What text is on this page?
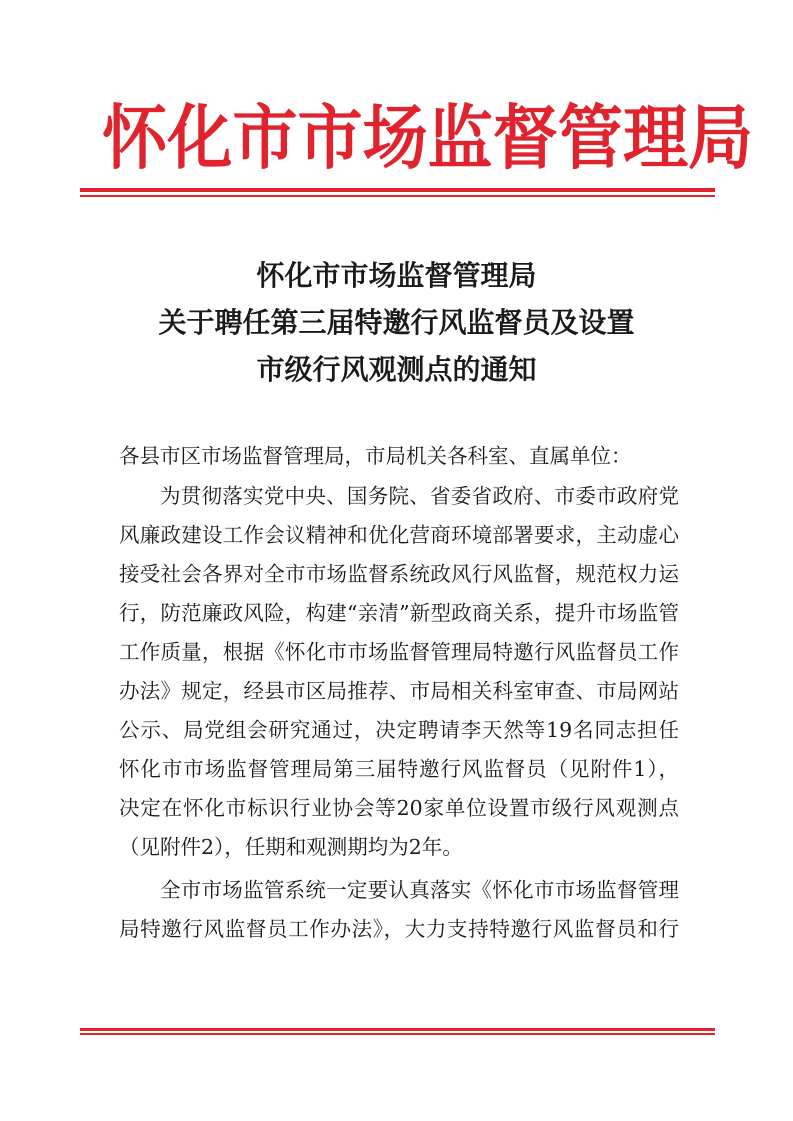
怀化市市场监督管理局
怀化市市场监督管理局
关于聘任第三届特邀行风监督员及设置
市级行风观测点的通知
各县市区市场监督管理局，市局机关各科室、直属单位：
为贯彻落实党中央、国务院、省委省政府、市委市政府党
风廉政建设工作会议精神和优化营商环境部署要求，主动虚心
接受社会各界对全市市场监督系统政风行风监督，规范权力运
行，防范廉政风险，构建“亲清”新型政商关系，提升市场监管
工作质量，根据《怀化市市场监督管理局特邀行风监督员工作
办法》规定，经县市区局推荐、市局相关科室审查、市局网站
公示、局党组会研究通过，决定聘请李天然等19名同志担任
怀化市市场监督管理局第三届特邀行风监督员（见附件1），
决定在怀化市标识行业协会等20家单位设置市级行风观测点
（见附件2），任期和观测期均为2年。
全市市场监管系统一定要认真落实《怀化市市场监督管理
局特邀行风监督员工作办法》，大力支持特邀行风监督员和行
